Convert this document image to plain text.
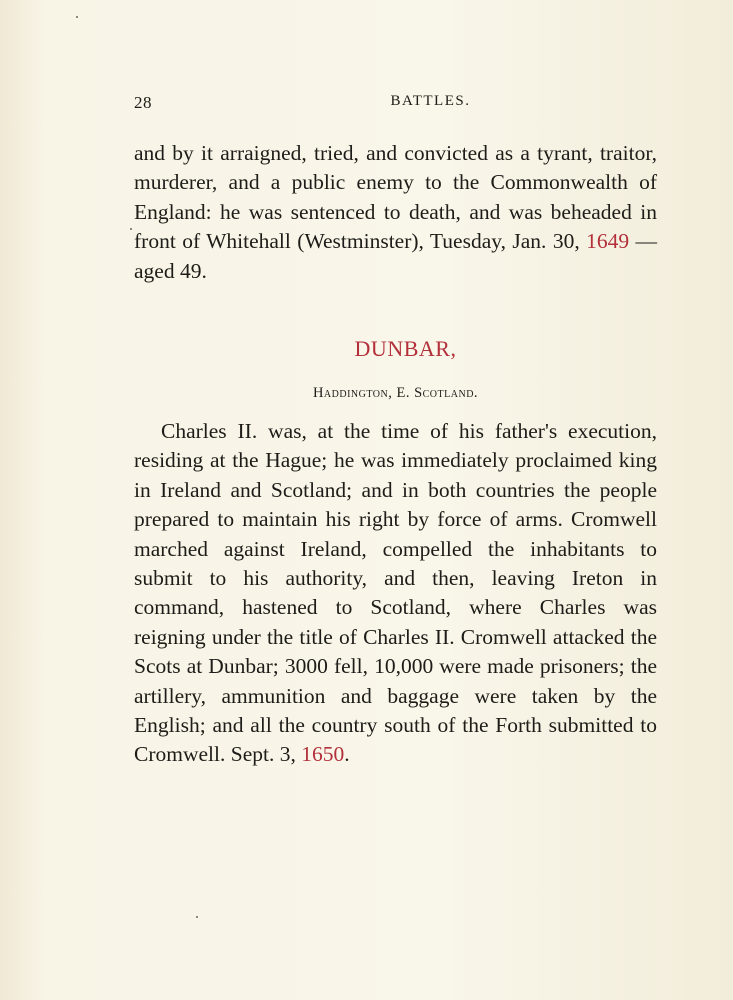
28	BATTLES.

and by it arraigned, tried, and convicted as a tyrant, traitor, murderer, and a public enemy to the Commonwealth of England: he was sentenced to death, and was beheaded in front of Whitehall (Westminster), Tuesday, Jan. 30, 1649 —aged 49.

DUNBAR,

Haddington, E. Scotland.

Charles II. was, at the time of his father's execution, residing at the Hague; he was immediately proclaimed king in Ireland and Scotland; and in both countries the people prepared to maintain his right by force of arms. Cromwell marched against Ireland, compelled the inhabitants to submit to his authority, and then, leaving Ireton in command, hastened to Scotland, where Charles was reigning under the title of Charles II. Cromwell attacked the Scots at Dunbar; 3000 fell, 10,000 were made prisoners; the artillery, ammunition and baggage were taken by the English; and all the country south of the Forth submitted to Cromwell. Sept. 3, 1650.
